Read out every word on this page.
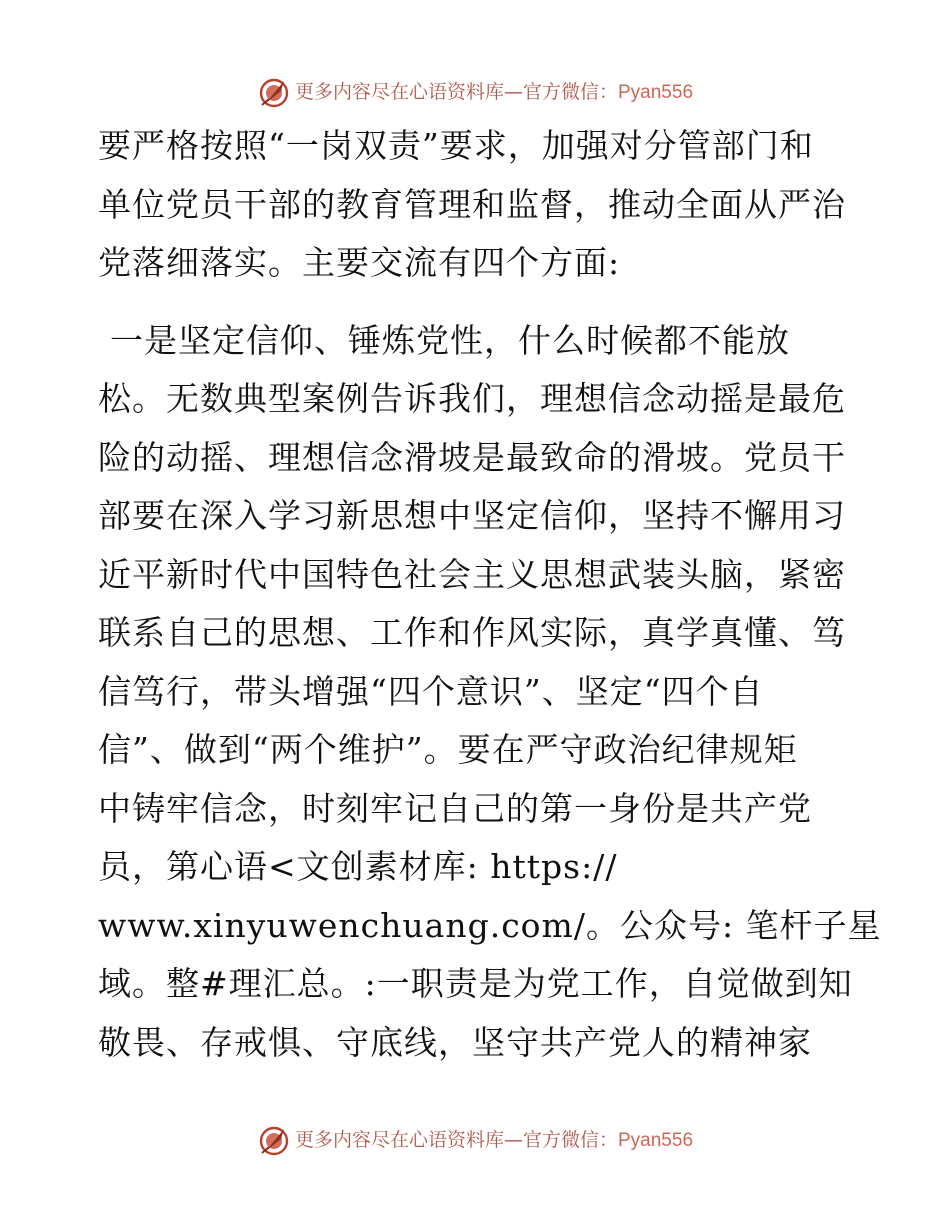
更多内容尽在心语资料库—官方微信：Pyan556
要严格按照“一岗双责”要求，加强对分管部门和
单位党员干部的教育管理和监督，推动全面从严治
党落细落实。主要交流有四个方面:
一是坚定信仰、锤炼党性，什么时候都不能放
松。无数典型案例告诉我们，理想信念动摇是最危
险的动摇、理想信念滑坡是最致命的滑坡。党员干
部要在深入学习新思想中坚定信仰，坚持不懈用习
近平新时代中国特色社会主义思想武装头脑，紧密
联系自己的思想、工作和作风实际，真学真懂、笃
信笃行，带头增强“四个意识”、坚定“四个自
信”、做到“两个维护”。要在严守政治纪律规矩
中铸牢信念，时刻牢记自己的第一身份是共产党
员，第心语<文创素材库: https://
www.xinyuwenchuang.com/。公众号: 笔杆子星
域。整#理汇总。:一职责是为党工作，自觉做到知
敬畏、存戒惧、守底线，坚守共产党人的精神家
更多内容尽在心语资料库—官方微信：Pyan556
